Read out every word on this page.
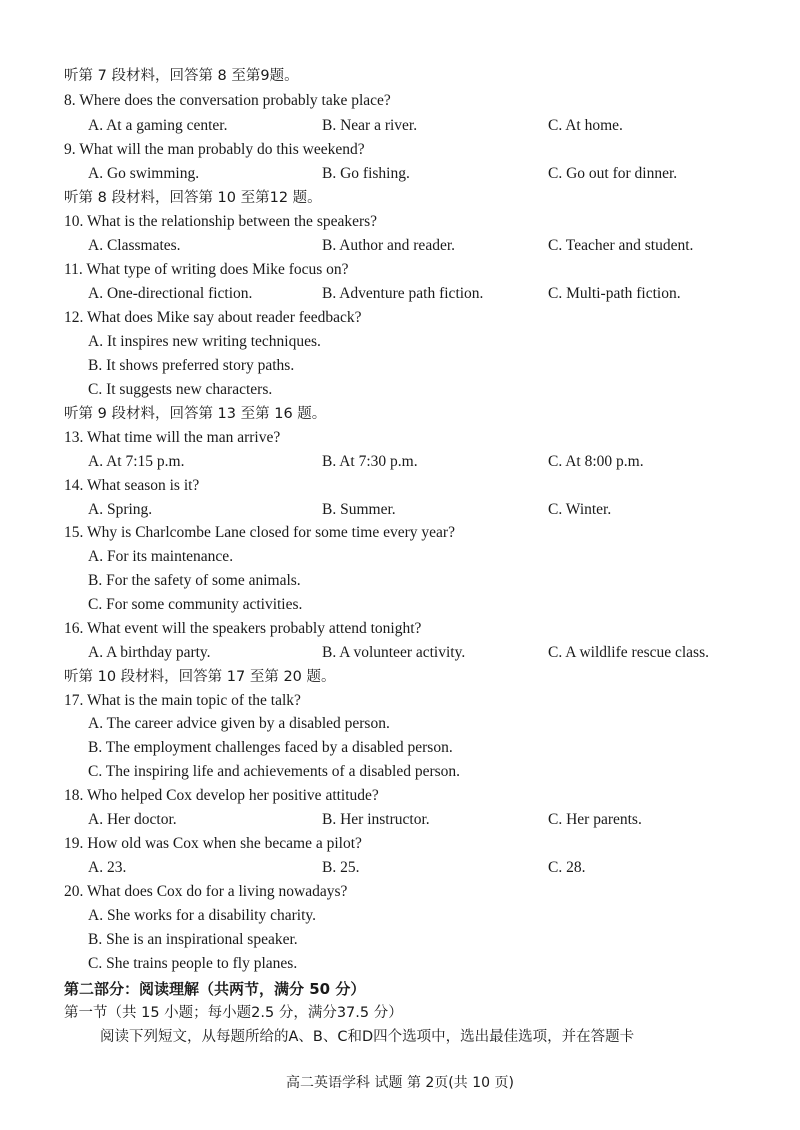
听第 7 段材料，回答第 8 至第9题。
8. Where does the conversation probably take place?
A. At a gaming center.	B. Near a river.	C. At home.
9. What will the man probably do this weekend?
A. Go swimming.	B. Go fishing.	C. Go out for dinner.
听第 8 段材料，回答第 10 至第12 题。
10. What is the relationship between the speakers?
A. Classmates.	B. Author and reader.	C. Teacher and student.
11. What type of writing does Mike focus on?
A. One-directional fiction.	B. Adventure path fiction.	C. Multi-path fiction.
12. What does Mike say about reader feedback?
A. It inspires new writing techniques.
B. It shows preferred story paths.
C. It suggests new characters.
听第 9 段材料，回答第 13 至第 16 题。
13. What time will the man arrive?
A. At 7:15 p.m.	B. At 7:30 p.m.	C. At 8:00 p.m.
14. What season is it?
A. Spring.	B. Summer.	C. Winter.
15. Why is Charlcombe Lane closed for some time every year?
A. For its maintenance.
B. For the safety of some animals.
C. For some community activities.
16. What event will the speakers probably attend tonight?
A. A birthday party.	B. A volunteer activity.	C. A wildlife rescue class.
听第 10 段材料，回答第 17 至第 20 题。
17. What is the main topic of the talk?
A. The career advice given by a disabled person.
B. The employment challenges faced by a disabled person.
C. The inspiring life and achievements of a disabled person.
18. Who helped Cox develop her positive attitude?
A. Her doctor.	B. Her instructor.	C. Her parents.
19. How old was Cox when she became a pilot?
A. 23.	B. 25.	C. 28.
20. What does Cox do for a living nowadays?
A. She works for a disability charity.
B. She is an inspirational speaker.
C. She trains people to fly planes.
第二部分：阅读理解（共两节，满分 50 分）
第一节（共 15 小题；每小题2.5 分，满分37.5 分）
阅读下列短文，从每题所给的A、B、C和D四个选项中，选出最佳选项，并在答题卡
高二英语学科 试题 第 2页(共 10 页)
